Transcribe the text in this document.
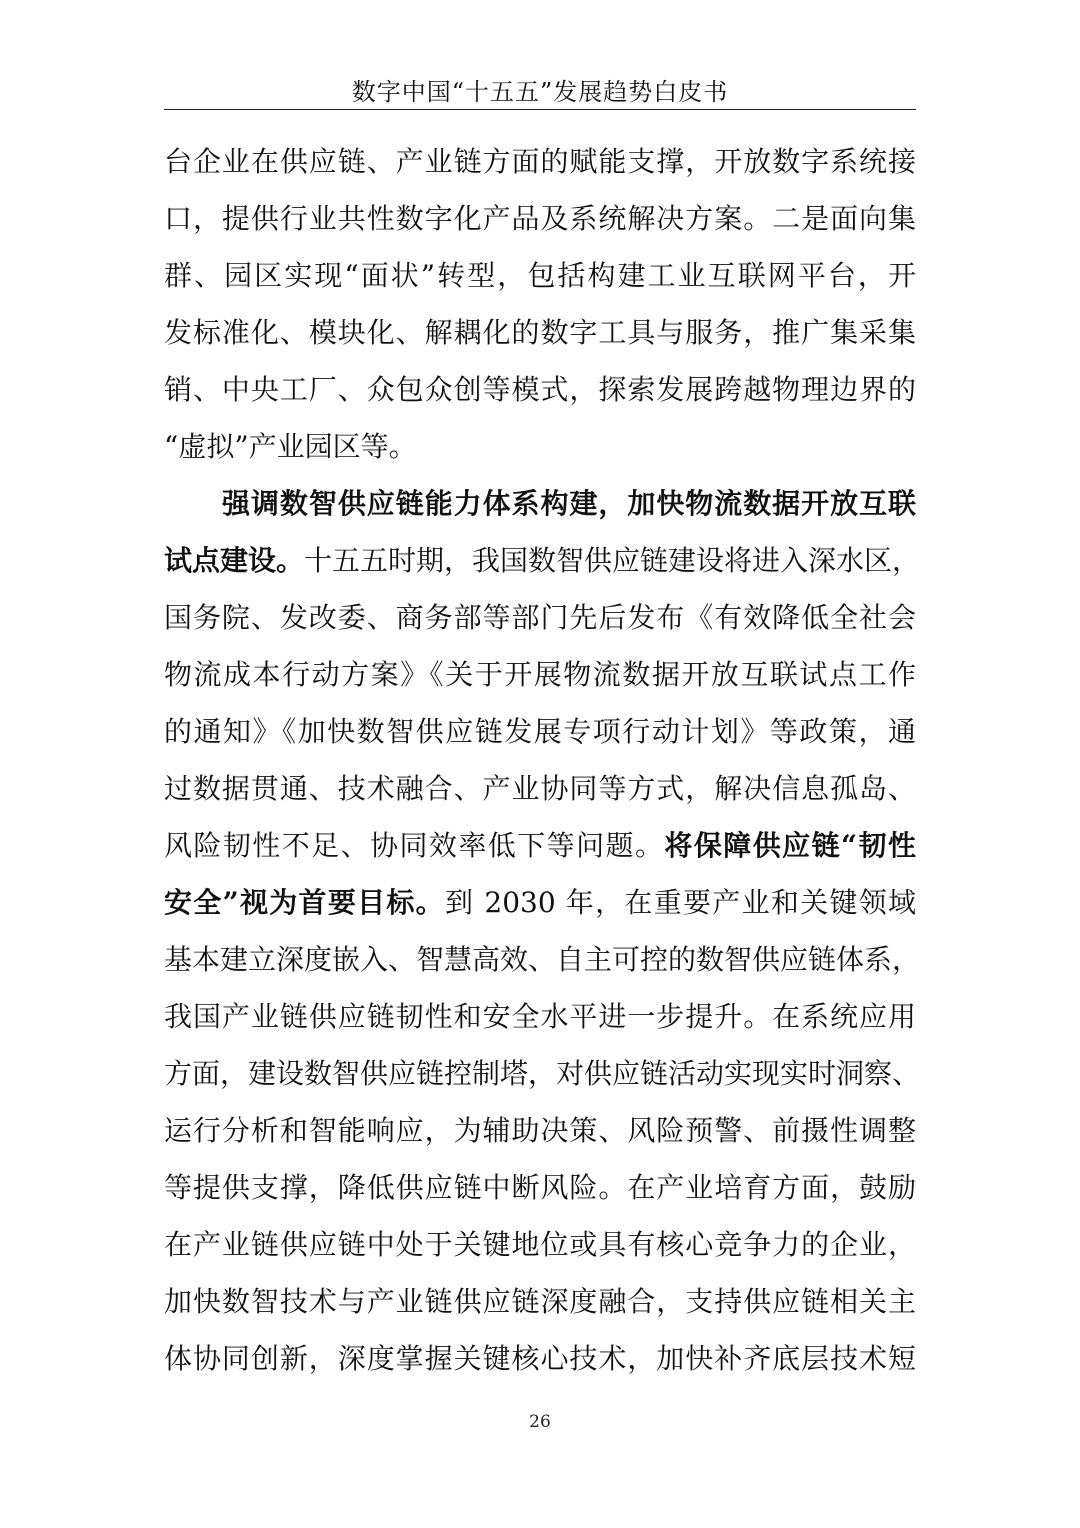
数字中国“十五五”发展趋势白皮书
台企业在供应链、产业链方面的赋能支撑，开放数字系统接
口，提供行业共性数字化产品及系统解决方案。二是面向集
群、园区实现“面状”转型，包括构建工业互联网平台，开
发标准化、模块化、解耦化的数字工具与服务，推广集采集
销、中央工厂、众包众创等模式，探索发展跨越物理边界的
“虚拟”产业园区等。
强调数智供应链能力体系构建，加快物流数据开放互联
试点建设。十五五时期，我国数智供应链建设将进入深水区，
国务院、发改委、商务部等部门先后发布《有效降低全社会
物流成本行动方案》《关于开展物流数据开放互联试点工作
的通知》《加快数智供应链发展专项行动计划》等政策，通
过数据贯通、技术融合、产业协同等方式，解决信息孤岛、
风险韧性不足、协同效率低下等问题。将保障供应链“韧性
安全”视为首要目标。到 2030 年，在重要产业和关键领域
基本建立深度嵌入、智慧高效、自主可控的数智供应链体系，
我国产业链供应链韧性和安全水平进一步提升。在系统应用
方面，建设数智供应链控制塔，对供应链活动实现实时洞察、
运行分析和智能响应，为辅助决策、风险预警、前摄性调整
等提供支撑，降低供应链中断风险。在产业培育方面，鼓励
在产业链供应链中处于关键地位或具有核心竞争力的企业，
加快数智技术与产业链供应链深度融合，支持供应链相关主
体协同创新，深度掌握关键核心技术，加快补齐底层技术短
26
